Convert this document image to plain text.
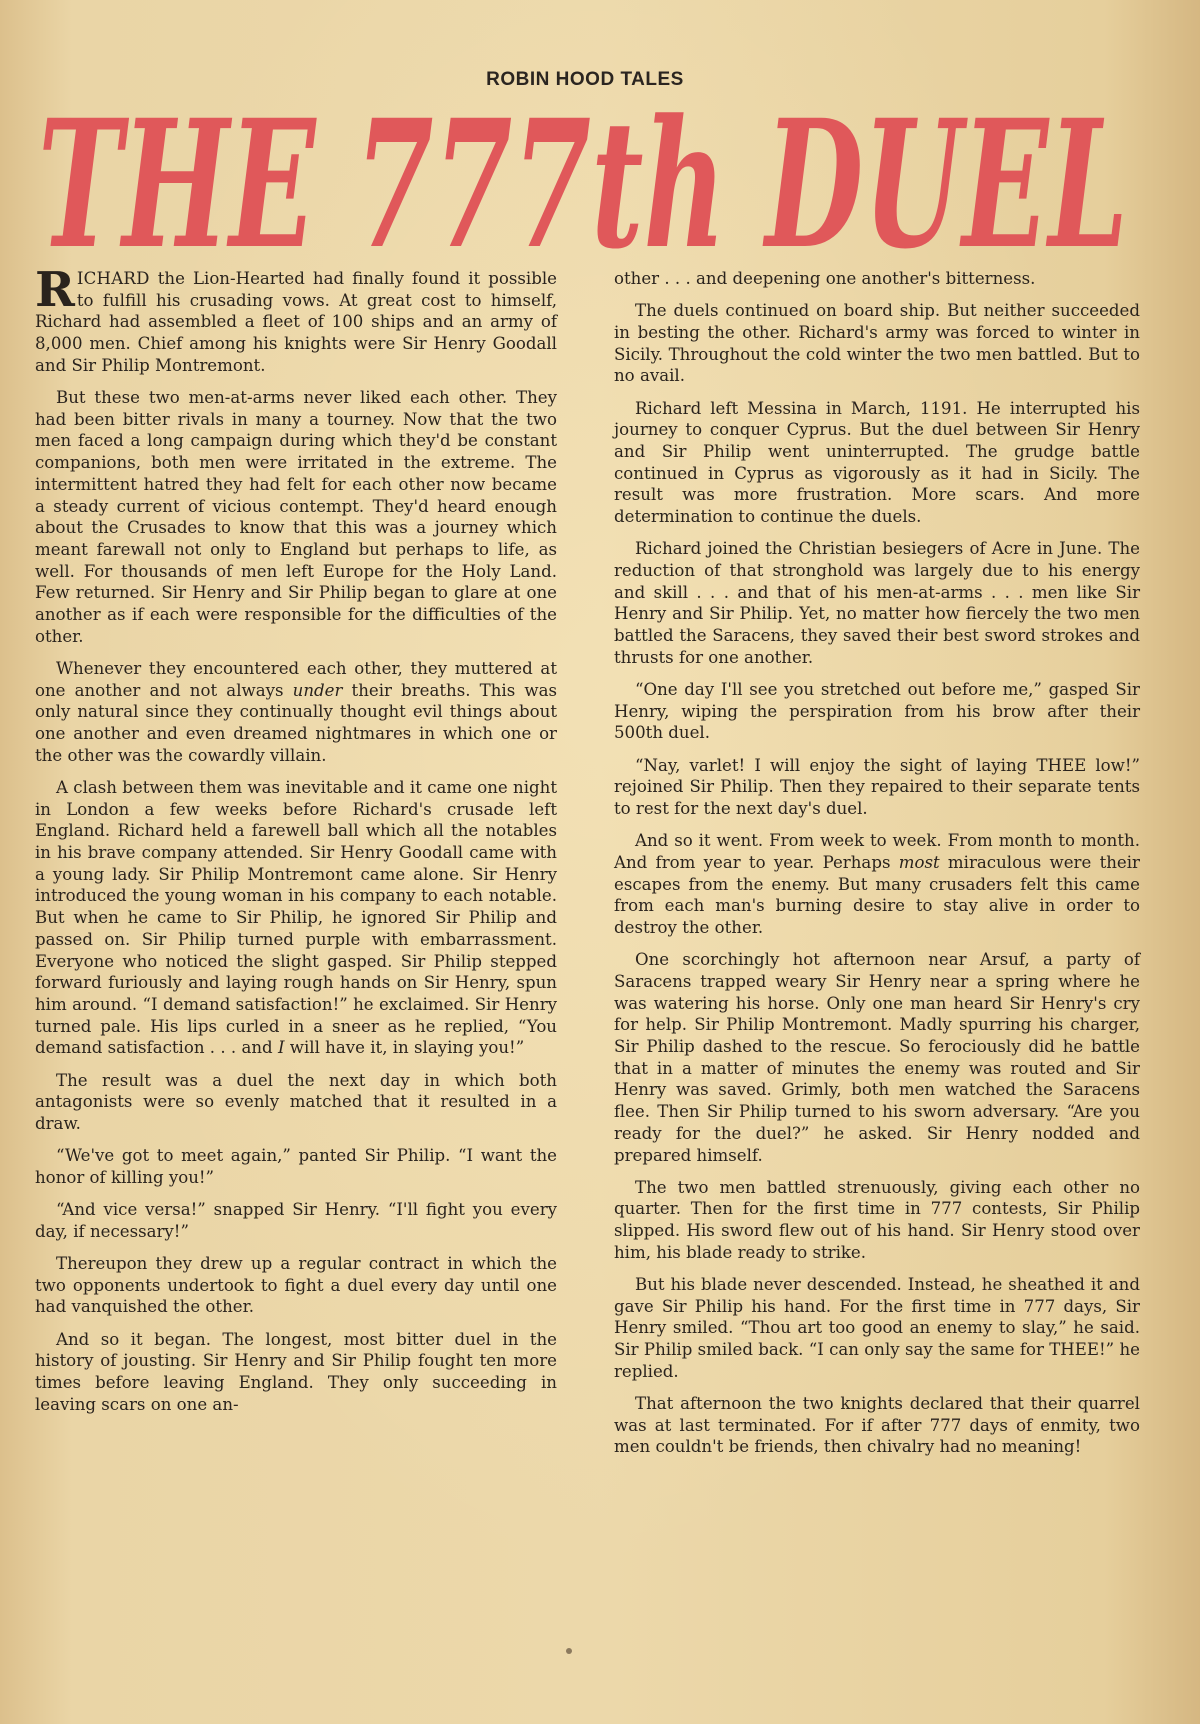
ROBIN HOOD TALES
THE 777th DUEL

RICHARD the Lion-Hearted had finally found it possible to fulfill his crusading vows. At great cost to himself, Richard had assembled a fleet of 100 ships and an army of 8,000 men. Chief among his knights were Sir Henry Goodall and Sir Philip Montremont.

But these two men-at-arms never liked each other. They had been bitter rivals in many a tourney. Now that the two men faced a long campaign during which they'd be constant companions, both men were irritated in the extreme. The intermittent hatred they had felt for each other now became a steady current of vicious contempt. They'd heard enough about the Crusades to know that this was a journey which meant farewall not only to England but perhaps to life, as well. For thousands of men left Europe for the Holy Land. Few returned. Sir Henry and Sir Philip began to glare at one another as if each were responsible for the difficulties of the other.

Whenever they encountered each other, they muttered at one another and not always under their breaths. This was only natural since they continually thought evil things about one another and even dreamed nightmares in which one or the other was the cowardly villain.

A clash between them was inevitable and it came one night in London a few weeks before Richard's crusade left England. Richard held a farewell ball which all the notables in his brave company attended. Sir Henry Goodall came with a young lady. Sir Philip Montremont came alone. Sir Henry introduced the young woman in his company to each notable. But when he came to Sir Philip, he ignored Sir Philip and passed on. Sir Philip turned purple with embarrassment. Everyone who noticed the slight gasped. Sir Philip stepped forward furiously and laying rough hands on Sir Henry, spun him around. “I demand satisfaction!” he exclaimed. Sir Henry turned pale. His lips curled in a sneer as he replied, “You demand satisfaction . . . and I will have it, in slaying you!”

The result was a duel the next day in which both antagonists were so evenly matched that it resulted in a draw.

“We've got to meet again,” panted Sir Philip. “I want the honor of killing you!”

“And vice versa!” snapped Sir Henry. “I'll fight you every day, if necessary!”

Thereupon they drew up a regular contract in which the two opponents undertook to fight a duel every day until one had vanquished the other.

And so it began. The longest, most bitter duel in the history of jousting. Sir Henry and Sir Philip fought ten more times before leaving England. They only succeeding in leaving scars on one an-

other . . . and deepening one another's bitterness.

The duels continued on board ship. But neither succeeded in besting the other. Richard's army was forced to winter in Sicily. Throughout the cold winter the two men battled. But to no avail.

Richard left Messina in March, 1191. He interrupted his journey to conquer Cyprus. But the duel between Sir Henry and Sir Philip went uninterrupted. The grudge battle continued in Cyprus as vigorously as it had in Sicily. The result was more frustration. More scars. And more determination to continue the duels.

Richard joined the Christian besiegers of Acre in June. The reduction of that stronghold was largely due to his energy and skill . . . and that of his men-at-arms . . . men like Sir Henry and Sir Philip. Yet, no matter how fiercely the two men battled the Saracens, they saved their best sword strokes and thrusts for one another.

“One day I'll see you stretched out before me,” gasped Sir Henry, wiping the perspiration from his brow after their 500th duel.

“Nay, varlet! I will enjoy the sight of laying THEE low!” rejoined Sir Philip. Then they repaired to their separate tents to rest for the next day's duel.

And so it went. From week to week. From month to month. And from year to year. Perhaps most miraculous were their escapes from the enemy. But many crusaders felt this came from each man's burning desire to stay alive in order to destroy the other.

One scorchingly hot afternoon near Arsuf, a party of Saracens trapped weary Sir Henry near a spring where he was watering his horse. Only one man heard Sir Henry's cry for help. Sir Philip Montremont. Madly spurring his charger, Sir Philip dashed to the rescue. So ferociously did he battle that in a matter of minutes the enemy was routed and Sir Henry was saved. Grimly, both men watched the Saracens flee. Then Sir Philip turned to his sworn adversary. “Are you ready for the duel?” he asked. Sir Henry nodded and prepared himself.

The two men battled strenuously, giving each other no quarter. Then for the first time in 777 contests, Sir Philip slipped. His sword flew out of his hand. Sir Henry stood over him, his blade ready to strike.

But his blade never descended. Instead, he sheathed it and gave Sir Philip his hand. For the first time in 777 days, Sir Henry smiled. “Thou art too good an enemy to slay,” he said. Sir Philip smiled back. “I can only say the same for THEE!” he replied.

That afternoon the two knights declared that their quarrel was at last terminated. For if after 777 days of enmity, two men couldn't be friends, then chivalry had no meaning!
